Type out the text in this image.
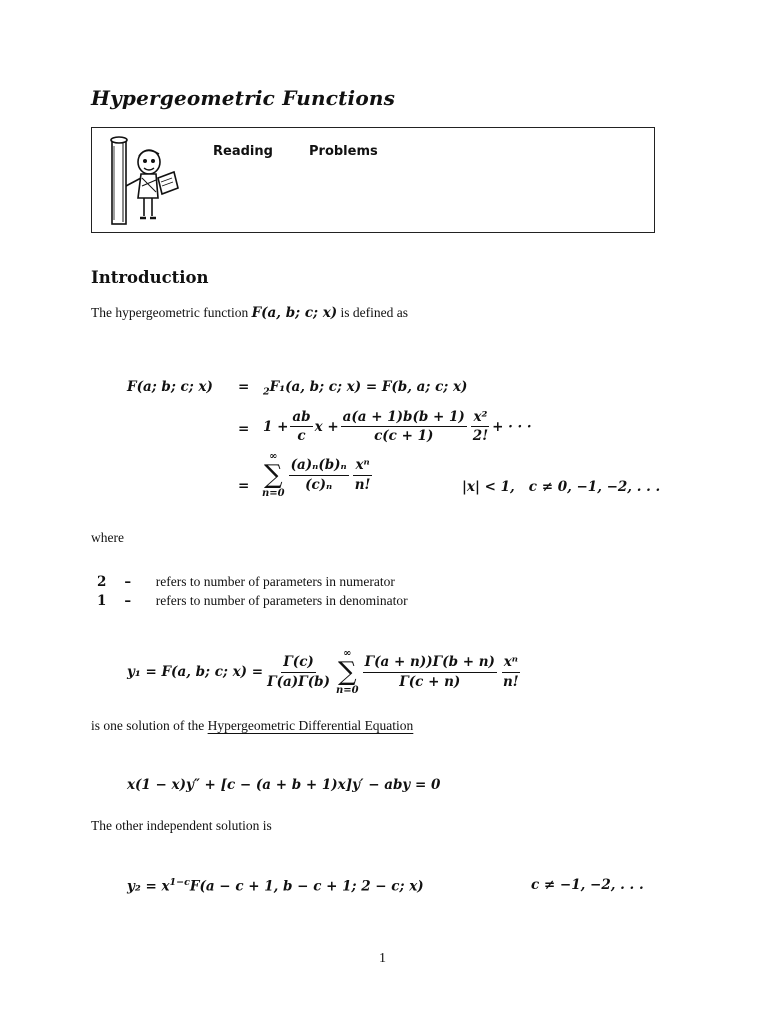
Hypergeometric Functions
Reading	Problems
Introduction
The hypergeometric function F(a, b; c; x) is defined as
F(a; b; c; x) = $_2$F₁(a, b; c; x) = F(b, a; c; x)
= $1 + \frac{ab}{c}$ $x + \frac{a(a + 1)b(b + 1)}{c(c + 1)} \frac{\text{x²}}{2!}$ + · · ·
=
∞
∑
n=0
$\frac{\text{(a)ₙ(b)ₙ}}{\text{(c)ₙ}} \frac{\text{xⁿ}}{n!}$	|x| < 1,   c ≠ 0, −1, −2, . . .
where
2 – refers to number of parameters in numerator
1 – refers to number of parameters in denominator
y₁ = F(a, b; c; $x) = \frac{\Gamma(c)}{\Gamma(a)\Gamma(b)}$
∞
∑
n=0
$\frac{\Gamma(a + n))\Gamma(b + n)}{\Gamma(c + n)} \frac{\text{xⁿ}}{n!}$
is one solution of the Hypergeometric Differential Equation
x(1 − x)y″ + [c − (a + b + 1)x]y′ − aby = 0
The other independent solution is
$y_2 = x^{1-c}F(a - c + 1$, b − c + 1; 2 − c; x)	c ≠ −1, −2, . . .
1
